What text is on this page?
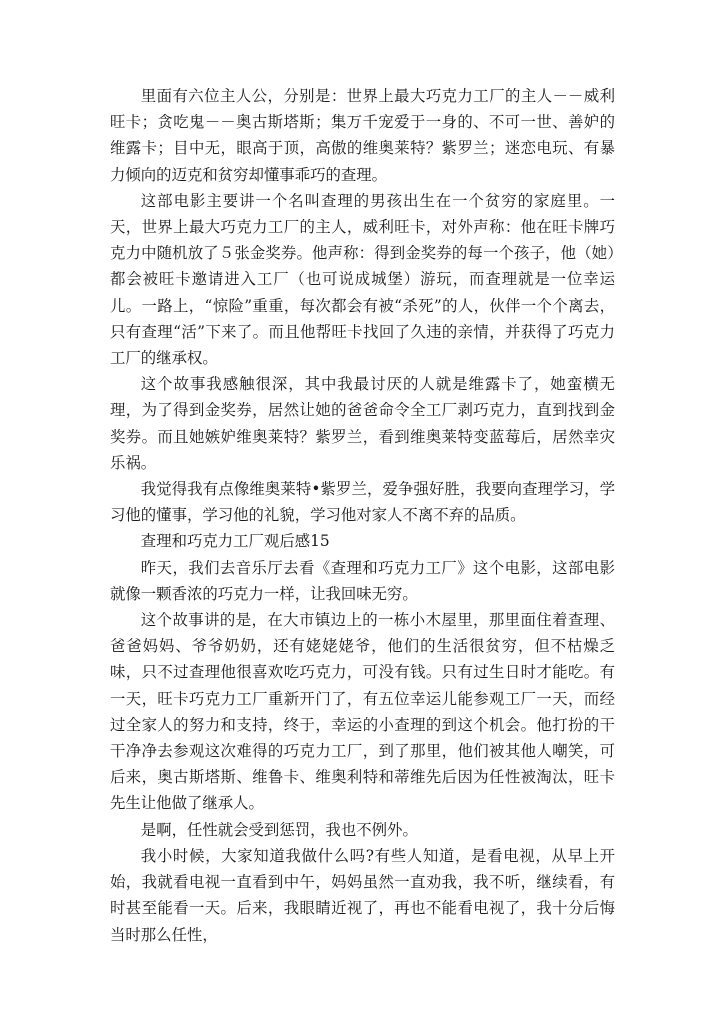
里面有六位主人公，分别是：世界上最大巧克力工厂的主人－－威利旺卡；贪吃鬼－－奥古斯塔斯；集万千宠爱于一身的、不可一世、善妒的维露卡；目中无，眼高于顶，高傲的维奥莱特？紫罗兰；迷恋电玩、有暴力倾向的迈克和贫穷却懂事乖巧的查理。

这部电影主要讲一个名叫查理的男孩出生在一个贫穷的家庭里。一天，世界上最大巧克力工厂的主人，威利旺卡，对外声称：他在旺卡牌巧克力中随机放了５张金奖券。他声称：得到金奖券的每一个孩子，他（她）都会被旺卡邀请进入工厂（也可说成城堡）游玩，而查理就是一位幸运儿。一路上，“惊险”重重，每次都会有被“杀死”的人，伙伴一个个离去，只有查理“活”下来了。而且他帮旺卡找回了久违的亲情，并获得了巧克力工厂的继承权。

这个故事我感触很深，其中我最讨厌的人就是维露卡了，她蛮横无理，为了得到金奖券，居然让她的爸爸命令全工厂剥巧克力，直到找到金奖券。而且她嫉妒维奥莱特？紫罗兰，看到维奥莱特变蓝莓后，居然幸灾乐祸。

我觉得我有点像维奥莱特•紫罗兰，爱争强好胜，我要向查理学习，学习他的懂事，学习他的礼貌，学习他对家人不离不弃的品质。

查理和巧克力工厂观后感15

昨天，我们去音乐厅去看《查理和巧克力工厂》这个电影，这部电影就像一颗香浓的巧克力一样，让我回味无穷。

这个故事讲的是，在大市镇边上的一栋小木屋里，那里面住着查理、爸爸妈妈、爷爷奶奶，还有姥姥姥爷，他们的生活很贫穷，但不枯燥乏味，只不过查理他很喜欢吃巧克力，可没有钱。只有过生日时才能吃。有一天，旺卡巧克力工厂重新开门了，有五位幸运儿能参观工厂一天，而经过全家人的努力和支持，终于，幸运的小查理的到这个机会。他打扮的干干净净去参观这次难得的巧克力工厂，到了那里，他们被其他人嘲笑，可后来，奥古斯塔斯、维鲁卡、维奥利特和蒂维先后因为任性被淘汰，旺卡先生让他做了继承人。

是啊，任性就会受到惩罚，我也不例外。

我小时候，大家知道我做什么吗?有些人知道，是看电视，从早上开始，我就看电视一直看到中午，妈妈虽然一直劝我，我不听，继续看，有时甚至能看一天。后来，我眼睛近视了，再也不能看电视了，我十分后悔当时那么任性，
